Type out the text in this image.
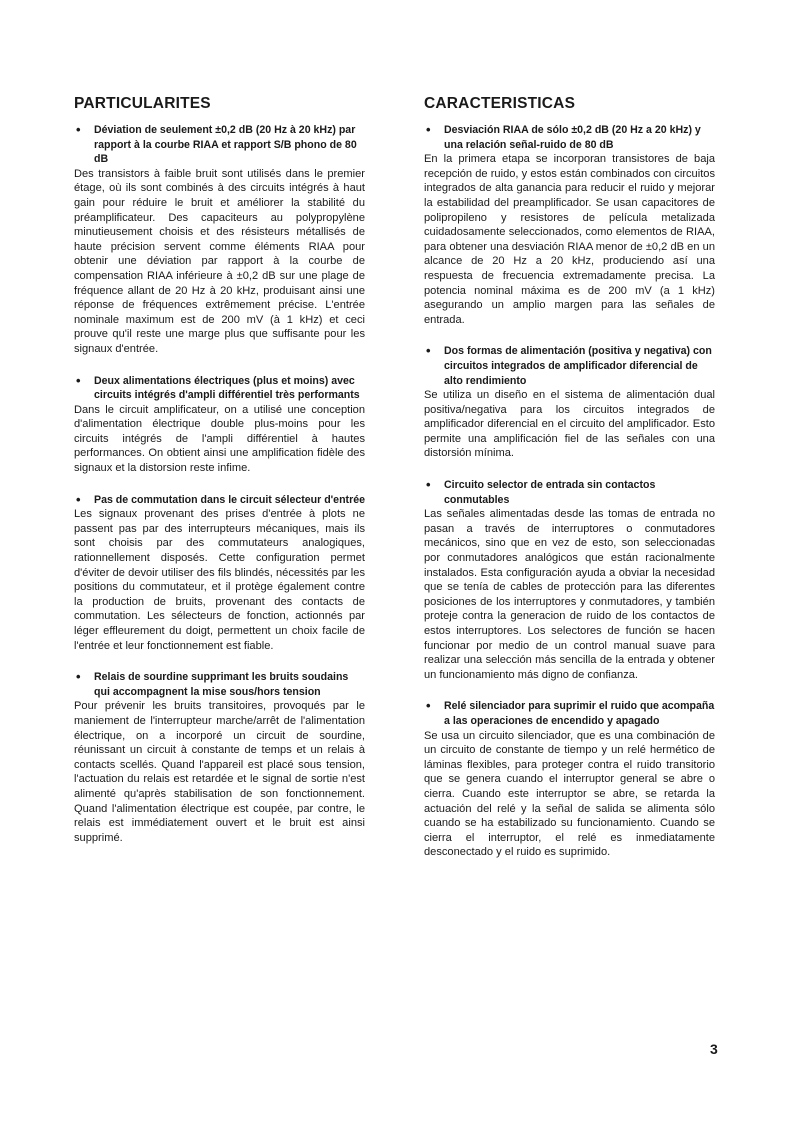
PARTICULARITES

• Déviation de seulement ±0,2 dB (20 Hz à 20 kHz) par rapport à la courbe RIAA et rapport S/B phono de 80 dB

Des transistors à faible bruit sont utilisés dans le premier étage, où ils sont combinés à des circuits intégrés à haut gain pour réduire le bruit et améliorer la stabilité du préamplificateur. Des capaciteurs au polypropylène minutieusement choisis et des résisteurs métallisés de haute précision servent comme éléments RIAA pour obtenir une déviation par rapport à la courbe de compensation RIAA inférieure à ±0,2 dB sur une plage de fréquence allant de 20 Hz à 20 kHz, produisant ainsi une réponse de fréquences extrêmement précise. L'entrée nominale maximum est de 200 mV (à 1 kHz) et ceci prouve qu'il reste une marge plus que suffisante pour les signaux d'entrée.

• Deux alimentations électriques (plus et moins) avec circuits intégrés d'ampli différentiel très performants

Dans le circuit amplificateur, on a utilisé une conception d'alimentation électrique double plus-moins pour les circuits intégrés de l'ampli différentiel à hautes performances. On obtient ainsi une amplification fidèle des signaux et la distorsion reste infime.

• Pas de commutation dans le circuit sélecteur d'entrée

Les signaux provenant des prises d'entrée à plots ne passent pas par des interrupteurs mécaniques, mais ils sont choisis par des commutateurs analogiques, rationnellement disposés. Cette configuration permet d'éviter de devoir utiliser des fils blindés, nécessités par les positions du commutateur, et il protège également contre la production de bruits, provenant des contacts de commutation. Les sélecteurs de fonction, actionnés par léger effleurement du doigt, permettent un choix facile de l'entrée et leur fonctionnement est fiable.

• Relais de sourdine supprimant les bruits soudains qui accompagnent la mise sous/hors tension

Pour prévenir les bruits transitoires, provoqués par le maniement de l'interrupteur marche/arrêt de l'alimentation électrique, on a incorporé un circuit de sourdine, réunissant un circuit à constante de temps et un relais à contacts scellés. Quand l'appareil est placé sous tension, l'actuation du relais est retardée et le signal de sortie n'est alimenté qu'après stabilisation de son fonctionnement. Quand l'alimentation électrique est coupée, par contre, le relais est immédiatement ouvert et le bruit est ainsi supprimé.

CARACTERISTICAS

• Desviación RIAA de sólo ±0,2 dB (20 Hz a 20 kHz) y una relación señal-ruido de 80 dB

En la primera etapa se incorporan transistores de baja recepción de ruido, y estos están combinados con circuitos integrados de alta ganancia para reducir el ruido y mejorar la estabilidad del preamplificador. Se usan capacitores de polipropileno y resistores de película metalizada cuidadosamente seleccionados, como elementos de RIAA, para obtener una desviación RIAA menor de ±0,2 dB en un alcance de 20 Hz a 20 kHz, produciendo así una respuesta de frecuencia extremadamente precisa. La potencia nominal máxima es de 200 mV (a 1 kHz) asegurando un amplio margen para las señales de entrada.

• Dos formas de alimentación (positiva y negativa) con circuitos integrados de amplificador diferencial de alto rendimiento

Se utiliza un diseño en el sistema de alimentación dual positiva/negativa para los circuitos integrados de amplificador diferencial en el circuito del amplificador. Esto permite una amplificación fiel de las señales con una distorsión mínima.

• Circuito selector de entrada sin contactos conmutables

Las señales alimentadas desde las tomas de entrada no pasan a través de interruptores o conmutadores mecánicos, sino que en vez de esto, son seleccionadas por conmutadores analógicos que están racionalmente instalados. Esta configuración ayuda a obviar la necesidad que se tenía de cables de protección para las diferentes posiciones de los interruptores y conmutadores, y también proteje contra la generacion de ruido de los contactos de estos interruptores. Los selectores de función se hacen funcionar por medio de un control manual suave para realizar una selección más sencilla de la entrada y obtener un funcionamiento más digno de confianza.

• Relé silenciador para suprimir el ruido que acompaña a las operaciones de encendido y apagado

Se usa un circuito silenciador, que es una combinación de un circuito de constante de tiempo y un relé hermético de láminas flexibles, para proteger contra el ruido transitorio que se genera cuando el interruptor general se abre o cierra. Cuando este interruptor se abre, se retarda la actuación del relé y la señal de salida se alimenta sólo cuando se ha estabilizado su funcionamiento. Cuando se cierra el interruptor, el relé es inmediatamente desconectado y el ruido es suprimido.

3
